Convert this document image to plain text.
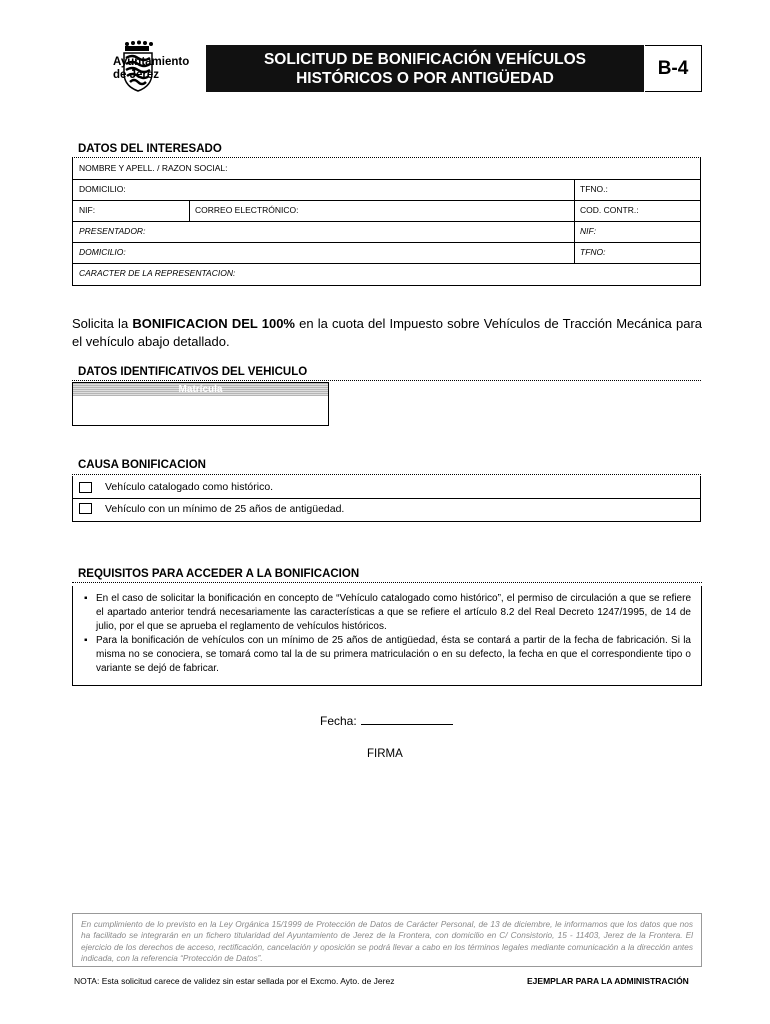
Ayuntamiento
de Jerez
SOLICITUD DE BONIFICACIÓN VEHÍCULOS
HISTÓRICOS O POR ANTIGÜEDAD	B-4
DATOS DEL INTERESADO
NOMBRE Y APELL. / RAZON SOCIAL:
DOMICILIO:	TFNO.:
NIF:	CORREO ELECTRÓNICO:	COD. CONTR.:
PRESENTADOR:	NIF:
DOMICILIO:	TFNO:
CARACTER DE LA REPRESENTACION:
Solicita la BONIFICACION DEL 100% en la cuota del Impuesto sobre Vehículos de Tracción Mecánica para el vehículo abajo detallado.
DATOS IDENTIFICATIVOS DEL VEHICULO
Matrícula
CAUSA BONIFICACION
Vehículo catalogado como histórico.
Vehículo con un mínimo de 25 años de antigüedad.
REQUISITOS PARA ACCEDER A LA BONIFICACION
▪ En el caso de solicitar la bonificación en concepto de “Vehículo catalogado como histórico”, el permiso de circulación a que se refiere el apartado anterior tendrá necesariamente las características a que se refiere el artículo 8.2 del Real Decreto 1247/1995, de 14 de julio, por el que se aprueba el reglamento de vehículos históricos.
▪ Para la bonificación de vehículos con un mínimo de 25 años de antigüedad, ésta se contará a partir de la fecha de fabricación. Si la misma no se conociera, se tomará como tal la de su primera matriculación o en su defecto, la fecha en que el correspondiente tipo o variante se dejó de fabricar.
Fecha:
FIRMA
En cumplimiento de lo previsto en la Ley Orgánica 15/1999 de Protección de Datos de Carácter Personal, de 13 de diciembre, le informamos que los datos que nos ha facilitado se integrarán en un fichero titularidad del Ayuntamiento de Jerez de la Frontera, con domicilio en C/ Consistorio, 15 - 11403, Jerez de la Frontera. El ejercicio de los derechos de acceso, rectificación, cancelación y oposición se podrá llevar a cabo en los términos legales mediante comunicación a la dirección antes indicada, con la referencia “Protección de Datos”.
NOTA: Esta solicitud carece de validez sin estar sellada por el Excmo. Ayto. de Jerez	EJEMPLAR PARA LA ADMINISTRACIÓN
